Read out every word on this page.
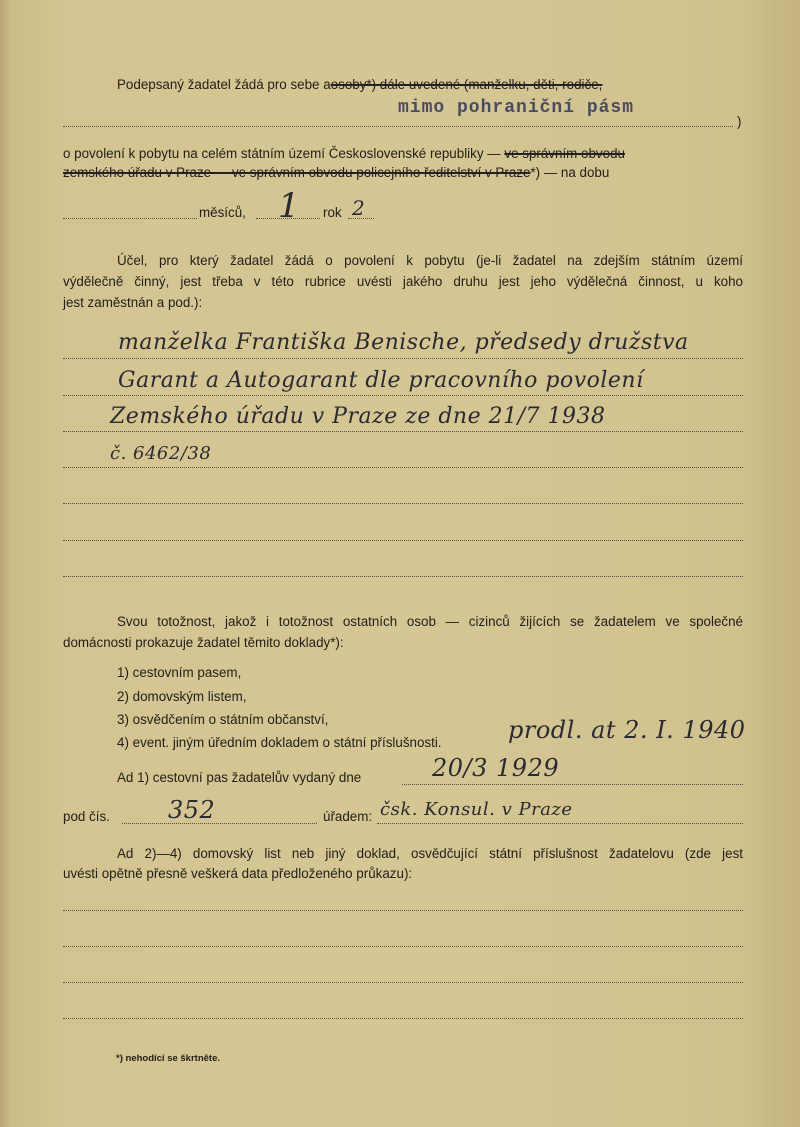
Podepsaný žadatel žádá pro sebe aosoby*) dále uvedené (manželku, děti, rodiče,
mimo pohraniční pásm
)
o povolení k pobytu na celém státním území Československé republiky — ve správním obvodu
zemského úřadu v Praze — ve správním obvodu policejního ředitelství v Praze*) — na dobu
měsíců, 1 rok 2
Účel, pro který žadatel žádá o povolení k pobytu (je-li žadatel na zdejším státním území
výdělečně činný, jest třeba v této rubrice uvésti jakého druhu jest jeho výdělečná činnost, u koho
jest zaměstnán a pod.):
manželka Františka Benische, předsedy družstva
Garant a Autogarant dle pracovního povolení
Zemského úřadu v Praze ze dne 21/7 1938
č. 6462/38
Svou totožnost, jakož i totožnost ostatních osob — cizinců žijících se žadatelem ve společné
domácnosti prokazuje žadatel těmito doklady*):
1) cestovním pasem,
2) domovským listem,
3) osvědčením o státním občanství,
4) event. jiným úředním dokladem o státní příslušnosti.	prodl. at 2. I. 1940
Ad 1) cestovní pas žadatelův vydaný dne	20/3 1929
pod čís. 352	úřadem: čsk. Konsul. v Praze
Ad 2)—4) domovský list neb jiný doklad, osvědčující státní příslušnost žadatelovu (zde jest
uvésti opětně přesně veškerá data předloženého průkazu):
*) nehodící se škrtněte.
